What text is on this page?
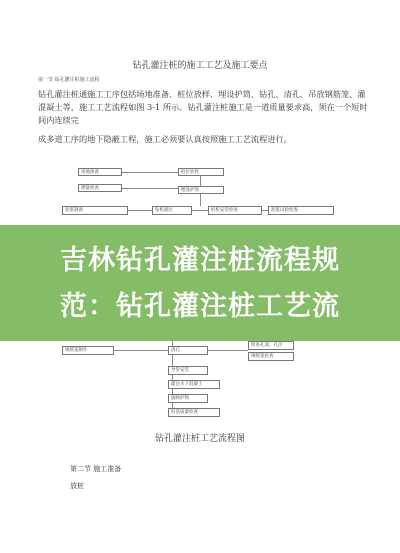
钻孔灌注桩的施工工艺及施工要点
第一节 钻孔灌注桩施工流程

钻孔灌注桩通施工工序包括场地准备、桩位放样、埋设护筒、钻孔、清孔、吊放钢筋笼、灌混凝土等，施工工艺流程如图 3-1 所示。钻孔灌注桩施工是一道质量要求高，须在一个短时间内连续完

成多道工序的地下隐蔽工程，施工必须要认真按照施工工艺流程进行。

场地准备	桩位放样
测量检查	埋设护筒
泥浆制备	钻机就位	桩机安装检查	泥浆试验检查
吉林钻孔灌注桩流程规
范：钻孔灌注桩工艺流
钢筋笼制作	清孔
检查孔深、孔径
钢筋笼检查
导管安装
灌注水下混凝土
拔除护筒
桩基质量检查
钻孔灌注桩工艺流程图
第二节 施工准备
放桩
